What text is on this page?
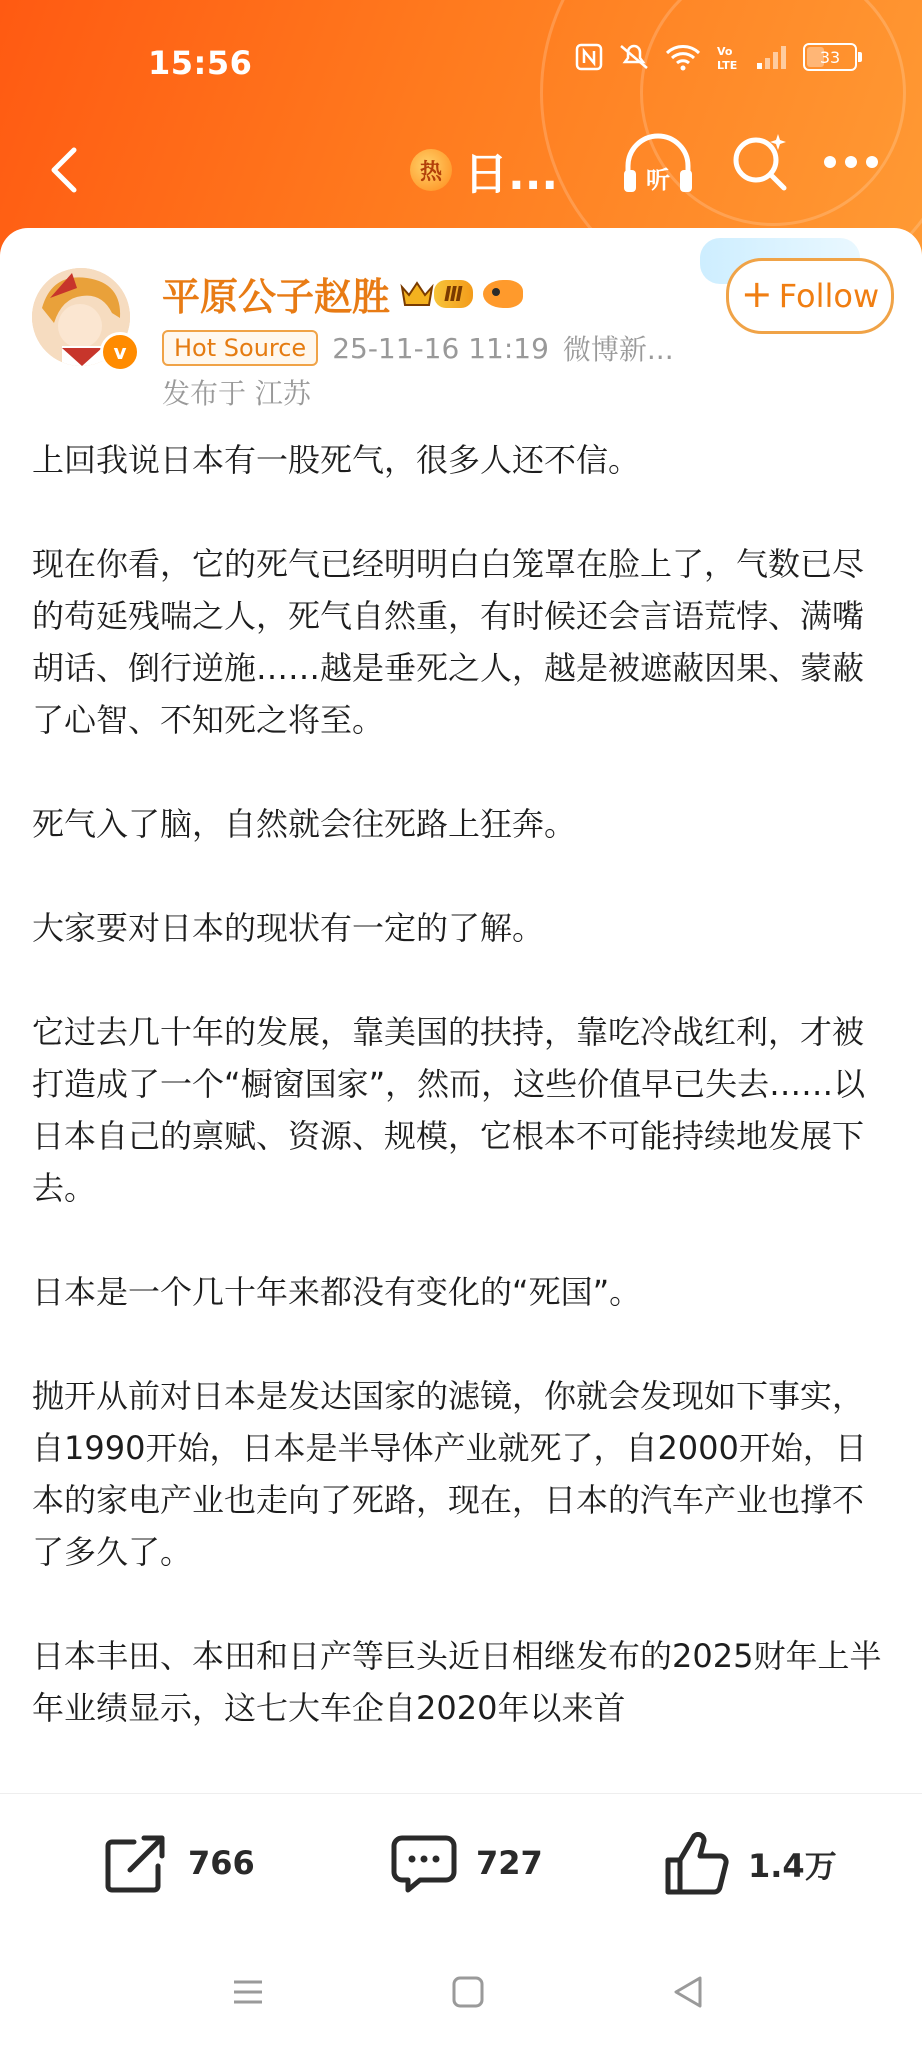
15:56	Vo
LTE	33
热 日...	听
v
平原公子赵胜	Ⅲ
Hot Source 25-11-16 11:19 微博新...
发布于 江苏
+ Follow

上回我说日本有一股死气，很多人还不信。

现在你看，它的死气已经明明白白笼罩在脸上了，气数已尽的苟延残喘之人，死气自然重，有时候还会言语荒悖、满嘴胡话、倒行逆施……越是垂死之人，越是被遮蔽因果、蒙蔽了心智、不知死之将至。

死气入了脑，自然就会往死路上狂奔。

大家要对日本的现状有一定的了解。

它过去几十年的发展，靠美国的扶持，靠吃冷战红利，才被打造成了一个“橱窗国家”，然而，这些价值早已失去……以日本自己的禀赋、资源、规模，它根本不可能持续地发展下去。

日本是一个几十年来都没有变化的“死国”。

抛开从前对日本是发达国家的滤镜，你就会发现如下事实，自1990开始，日本是半导体产业就死了，自2000开始，日本的家电产业也走向了死路，现在，日本的汽车产业也撑不了多久了。

日本丰田、本田和日产等巨头近日相继发布的2025财年上半年业绩显示，这七大车企自2020年以来首

766	727	1.4万
